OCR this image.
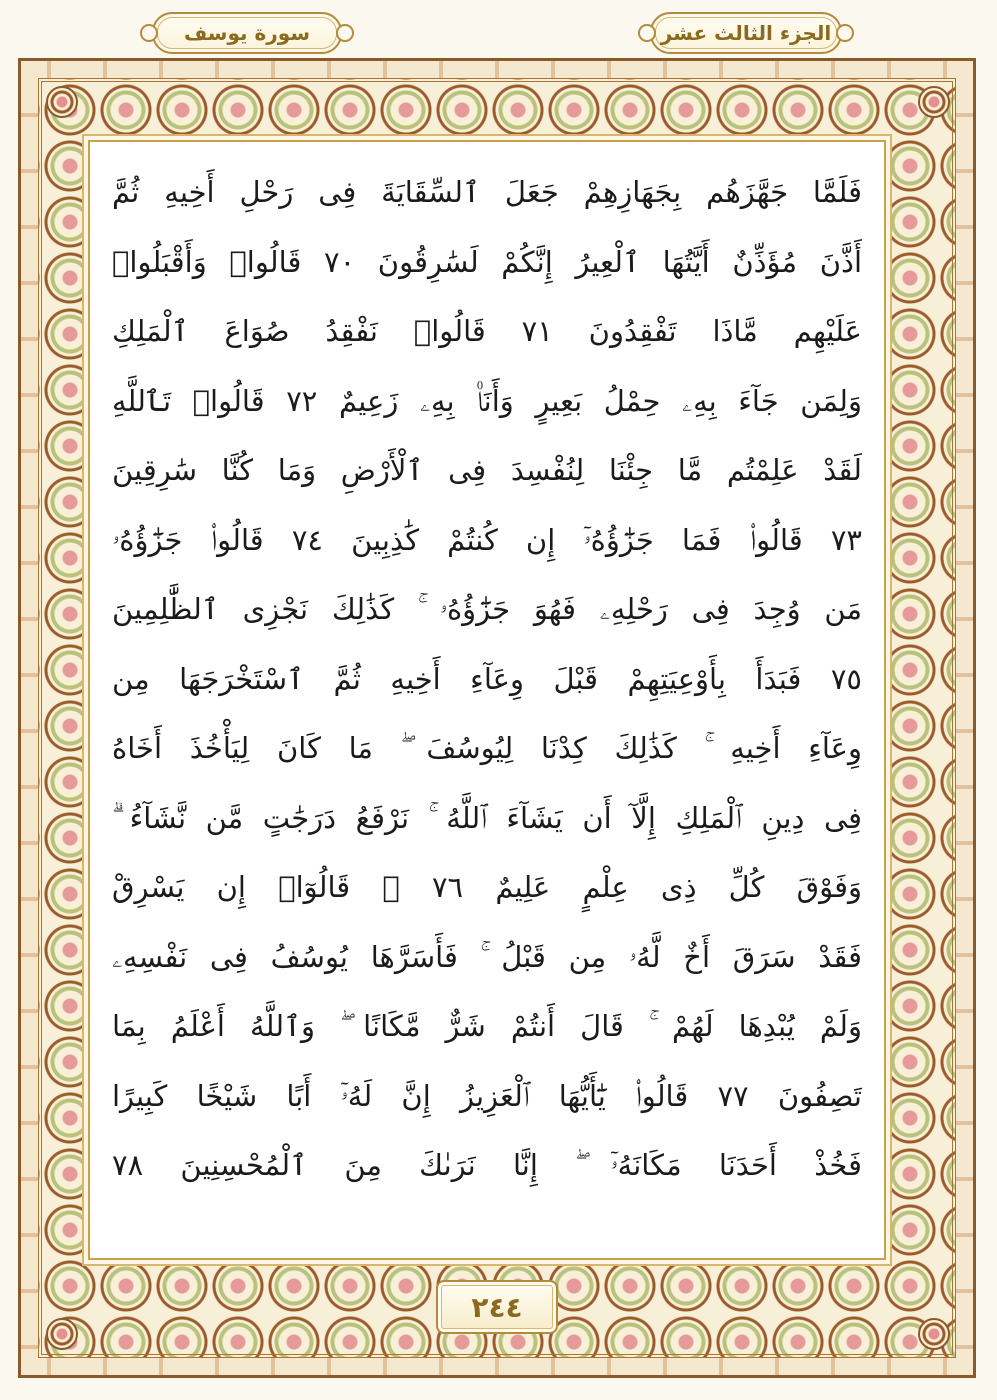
سورة يوسف	الجزء الثالث عشر
فَلَمَّا جَهَّزَهُم بِجَهَازِهِمْ جَعَلَ ٱلسِّقَايَةَ فِى رَحْلِ أَخِيهِ ثُمَّ
أَذَّنَ مُؤَذِّنٌ أَيَّتُهَا ٱلْعِيرُ إِنَّكُمْ لَسَٰرِقُونَ ٧٠ قَالُوا۟ وَأَقْبَلُوا۟
عَلَيْهِم مَّاذَا تَفْقِدُونَ ٧١ قَالُوا۟ نَفْقِدُ صُوَاعَ ٱلْمَلِكِ
وَلِمَن جَآءَ بِهِۦ حِمْلُ بَعِيرٍ وَأَنَا۠ بِهِۦ زَعِيمٌ ٧٢ قَالُوا۟ تَٱللَّهِ
لَقَدْ عَلِمْتُم مَّا جِئْنَا لِنُفْسِدَ فِى ٱلْأَرْضِ وَمَا كُنَّا سَٰرِقِينَ
٧٣ قَالُوا۟ فَمَا جَزَٰٓؤُهُۥٓ إِن كُنتُمْ كَٰذِبِينَ ٧٤ قَالُوا۟ جَزَٰٓؤُهُۥ
مَن وُجِدَ فِى رَحْلِهِۦ فَهُوَ جَزَٰٓؤُهُۥ ۚ كَذَٰلِكَ نَجْزِى ٱلظَّٰلِمِينَ
٧٥ فَبَدَأَ بِأَوْعِيَتِهِمْ قَبْلَ وِعَآءِ أَخِيهِ ثُمَّ ٱسْتَخْرَجَهَا مِن
وِعَآءِ أَخِيهِ ۚ كَذَٰلِكَ كِدْنَا لِيُوسُفَ ۖ مَا كَانَ لِيَأْخُذَ أَخَاهُ
فِى دِينِ ٱلْمَلِكِ إِلَّآ أَن يَشَآءَ ٱللَّهُ ۚ نَرْفَعُ دَرَجَٰتٍ مَّن نَّشَآءُ ۗ
وَفَوْقَ كُلِّ ذِى عِلْمٍ عَلِيمٌ ٧٦ ۞ قَالُوٓا۟ إِن يَسْرِقْ
فَقَدْ سَرَقَ أَخٌ لَّهُۥ مِن قَبْلُ ۚ فَأَسَرَّهَا يُوسُفُ فِى نَفْسِهِۦ
وَلَمْ يُبْدِهَا لَهُمْ ۚ قَالَ أَنتُمْ شَرٌّ مَّكَانًا ۖ وَٱللَّهُ أَعْلَمُ بِمَا
تَصِفُونَ ٧٧ قَالُوا۟ يَٰٓأَيُّهَا ٱلْعَزِيزُ إِنَّ لَهُۥٓ أَبًا شَيْخًا كَبِيرًا
فَخُذْ أَحَدَنَا مَكَانَهُۥٓ ۖ إِنَّا نَرَىٰكَ مِنَ ٱلْمُحْسِنِينَ ٧٨
٢٤٤
